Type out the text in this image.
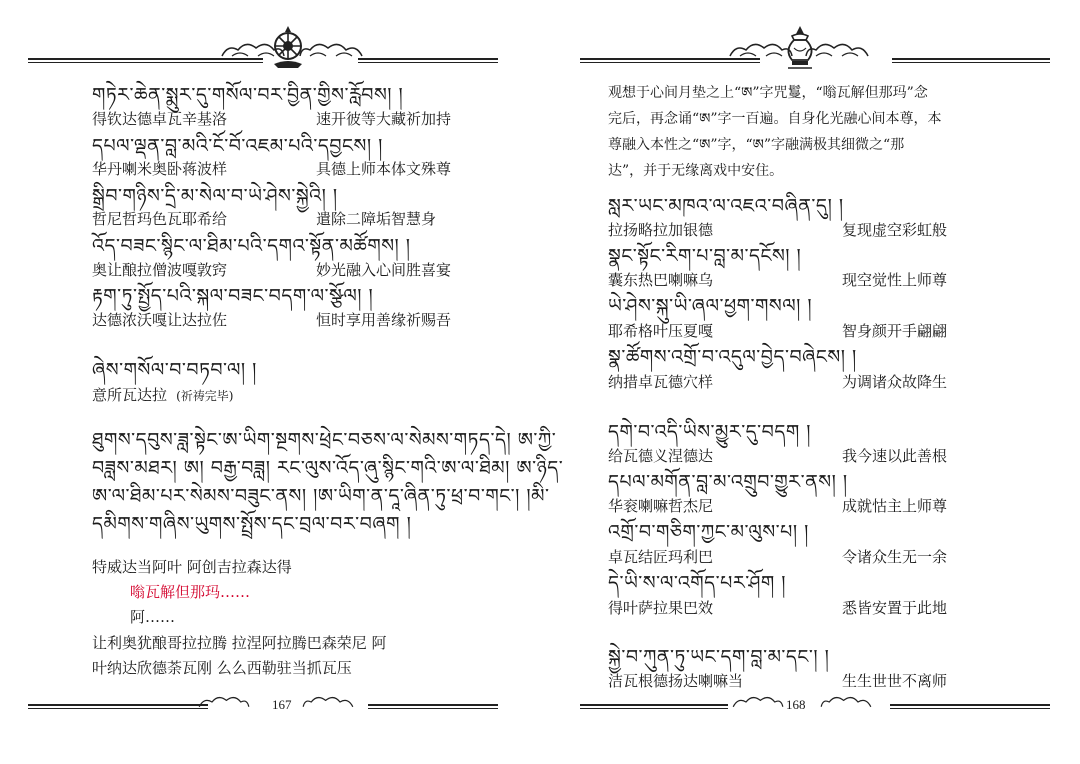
གཏེར་ཆེན་སྨུར་དུ་གསོལ་བར་བྱིན་གྱིས་རློབས། །
得钦达德卓瓦辛基洛	速开彼等大藏祈加持
དཔལ་ལྡན་བླ་མའི་ངོ་བོ་འཇམ་པའི་དབྱངས། །
华丹喇米奥卧蒋波样	具德上师本体文殊尊
སྒྲིབ་གཉིས་དྲི་མ་སེལ་བ་ཡེ་ཤེས་སྐྱེའི། །
哲尼哲玛色瓦耶希给	遣除二障垢智慧身
འོད་བཟང་སྙིང་ལ་ཐིམ་པའི་དགའ་སྟོན་མཚོགས། །
奥让酿拉僧波嘎敦窍	妙光融入心间胜喜宴
རྟག་ཏུ་སྤྱོད་པའི་སྐལ་བཟང་བདག་ལ་སྩོལ། །
达德浓沃嘎让达拉佐	恒时享用善缘祈赐吾
ཞེས་གསོལ་བ་བཏབ་ལ། །
意所瓦达拉 (祈祷完毕)
ཐུགས་དབུས་ཟླ་སྟེང་ཨ་ཡིག་སྔགས་ཕྲེང་བཅས་ལ་སེམས་གཏད་དེ། ཨ་ཀྱི་
བཟླས་མཐར། ཨ། བརྒྱ་བཟླ། རང་ལུས་འོད་ཞུ་སྙིང་གའི་ཨ་ལ་ཐིམ། ཨ་ཉིད་
ཨ་ལ་ཐིམ་པར་སེམས་བཟུང་ནས། །ཨ་ཡིག་ན་དཱ་ཞིན་ཏུ་ཕྲ་བ་གང་། །མི་
དམིགས་གཞིས་ཡུགས་སྤྲོས་དང་བྲལ་བར་བཞག །
特威达当阿叶 阿创吉拉森达得
嗡瓦解但那玛……
阿……
让利奥犹酿哥拉拉腾 拉涅阿拉腾巴森荣尼 阿
叶纳达欣德荼瓦刚 么么西勒驻当抓瓦压
167
观想于心间月垫之上“ཨ”字咒鬘，“嗡瓦解但那玛”念
完后，再念诵“ཨ”字一百遍。自身化光融心间本尊，本
尊融入本性之“ཨ”字，“ཨ”字融满极其细微之“那
达”，并于无缘离戏中安住。
སླར་ཡང་མཁའ་ལ་འཇའ་བཞིན་དུ། །
拉扬略拉加银德	复现虚空彩虹般
སྣང་སྟོང་རིག་པ་བླ་མ་དངོས། །
囊东热巴喇嘛乌	现空觉性上师尊
ཡེ་ཤེས་སྐུ་ཡི་ཞལ་ཕྱག་གསལ། །
耶希格叶压夏嘎	智身颜开手翩翩
སྣ་ཚོགས་འགྲོ་བ་འདུལ་བྱེད་བཞེངས། །
纳措卓瓦德穴样	为调诸众故降生
དགེ་བ་འདི་ཡིས་མྱུར་དུ་བདག །
给瓦德义涅德达	我今速以此善根
དཔལ་མགོན་བླ་མ་འགྲུབ་གྱུར་ནས། །
华衮喇嘛哲杰尼	成就怙主上师尊
འགྲོ་བ་གཅིག་ཀྱང་མ་ལུས་པ། །
卓瓦结匠玛利巴	令诸众生无一余
དེ་ཡི་ས་ལ་འགོད་པར་ཤོག །
得叶萨拉果巴效	悉皆安置于此地
སྐྱེ་བ་ཀུན་ཏུ་ཡང་དག་བླ་མ་དང་། །
洁瓦根德扬达喇嘛当	生生世世不离师
168
